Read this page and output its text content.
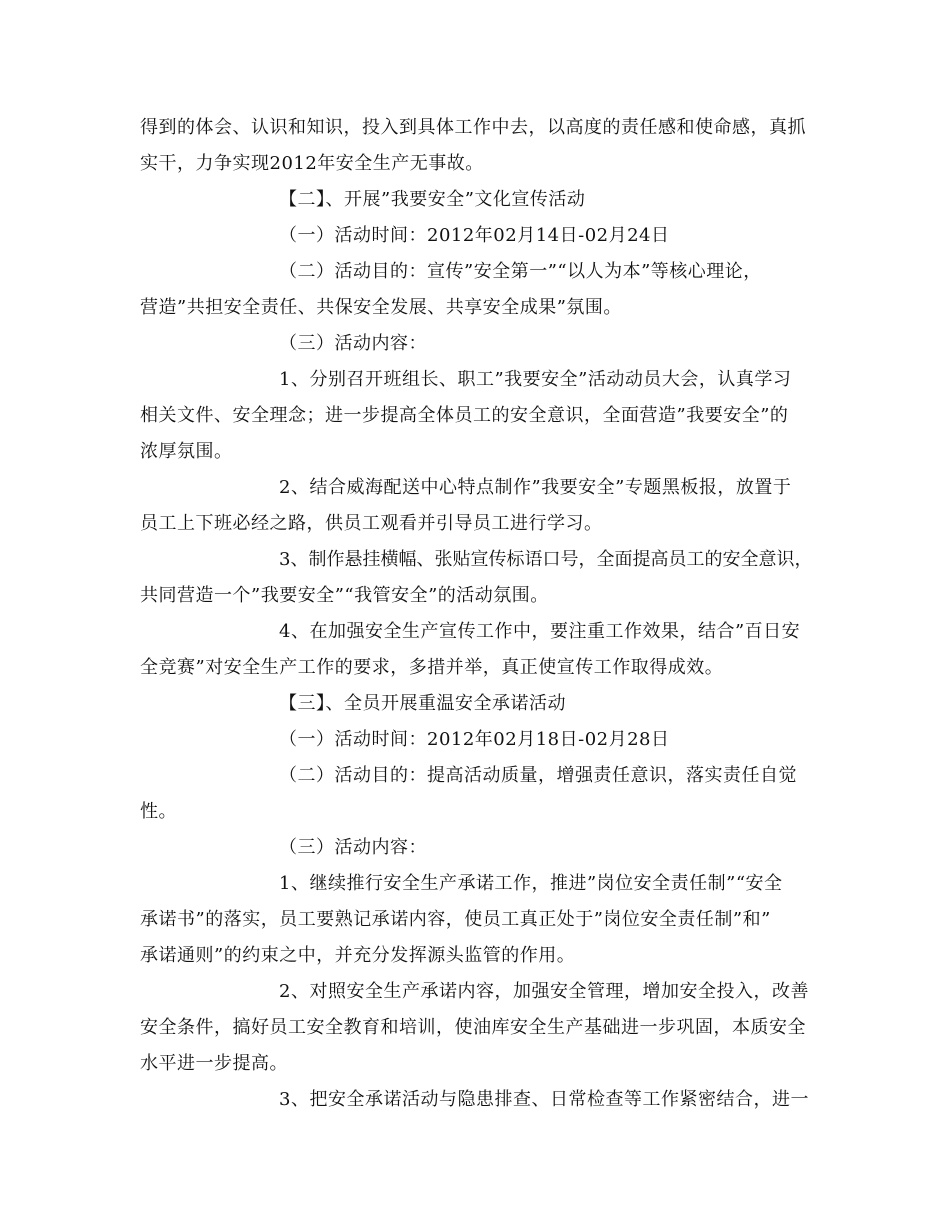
得到的体会、认识和知识，投入到具体工作中去，以高度的责任感和使命感，真抓
实干，力争实现2012年安全生产无事故。
【二】、开展”我要安全”文化宣传活动
（一）活动时间：2012年02月14日-02月24日
（二）活动目的：宣传”安全第一”“以人为本”等核心理论，
营造”共担安全责任、共保安全发展、共享安全成果”氛围。
（三）活动内容：
1、分别召开班组长、职工”我要安全”活动动员大会，认真学习
相关文件、安全理念；进一步提高全体员工的安全意识，全面营造”我要安全”的
浓厚氛围。
2、结合威海配送中心特点制作”我要安全”专题黑板报，放置于
员工上下班必经之路，供员工观看并引导员工进行学习。
3、制作悬挂横幅、张贴宣传标语口号，全面提高员工的安全意识，
共同营造一个”我要安全”“我管安全”的活动氛围。
4、在加强安全生产宣传工作中，要注重工作效果，结合”百日安
全竞赛”对安全生产工作的要求，多措并举，真正使宣传工作取得成效。
【三】、全员开展重温安全承诺活动
（一）活动时间：2012年02月18日-02月28日
（二）活动目的：提高活动质量，增强责任意识，落实责任自觉
性。
（三）活动内容：
1、继续推行安全生产承诺工作，推进”岗位安全责任制”“安全
承诺书”的落实，员工要熟记承诺内容，使员工真正处于”岗位安全责任制”和”
承诺通则”的约束之中，并充分发挥源头监管的作用。
2、对照安全生产承诺内容，加强安全管理，增加安全投入，改善
安全条件，搞好员工安全教育和培训，使油库安全生产基础进一步巩固，本质安全
水平进一步提高。
3、把安全承诺活动与隐患排查、日常检查等工作紧密结合，进一
